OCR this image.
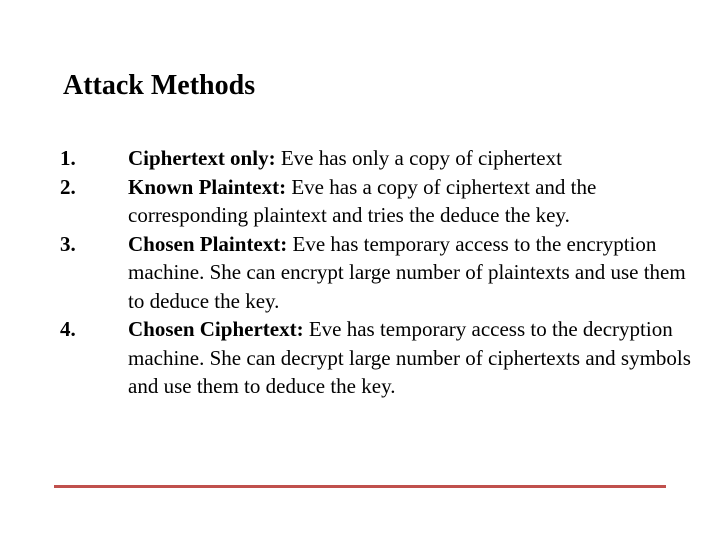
Attack Methods
1.	Ciphertext only: Eve has only a copy of ciphertext
2.	Known Plaintext: Eve has a copy of ciphertext and the corresponding plaintext and tries the deduce the key.
3.	Chosen Plaintext: Eve has temporary access to the encryption machine. She can encrypt large number of plaintexts and use them to deduce the key.
4.	Chosen Ciphertext: Eve has temporary access to the decryption machine. She can decrypt large number of ciphertexts and symbols and use them to deduce the key.
